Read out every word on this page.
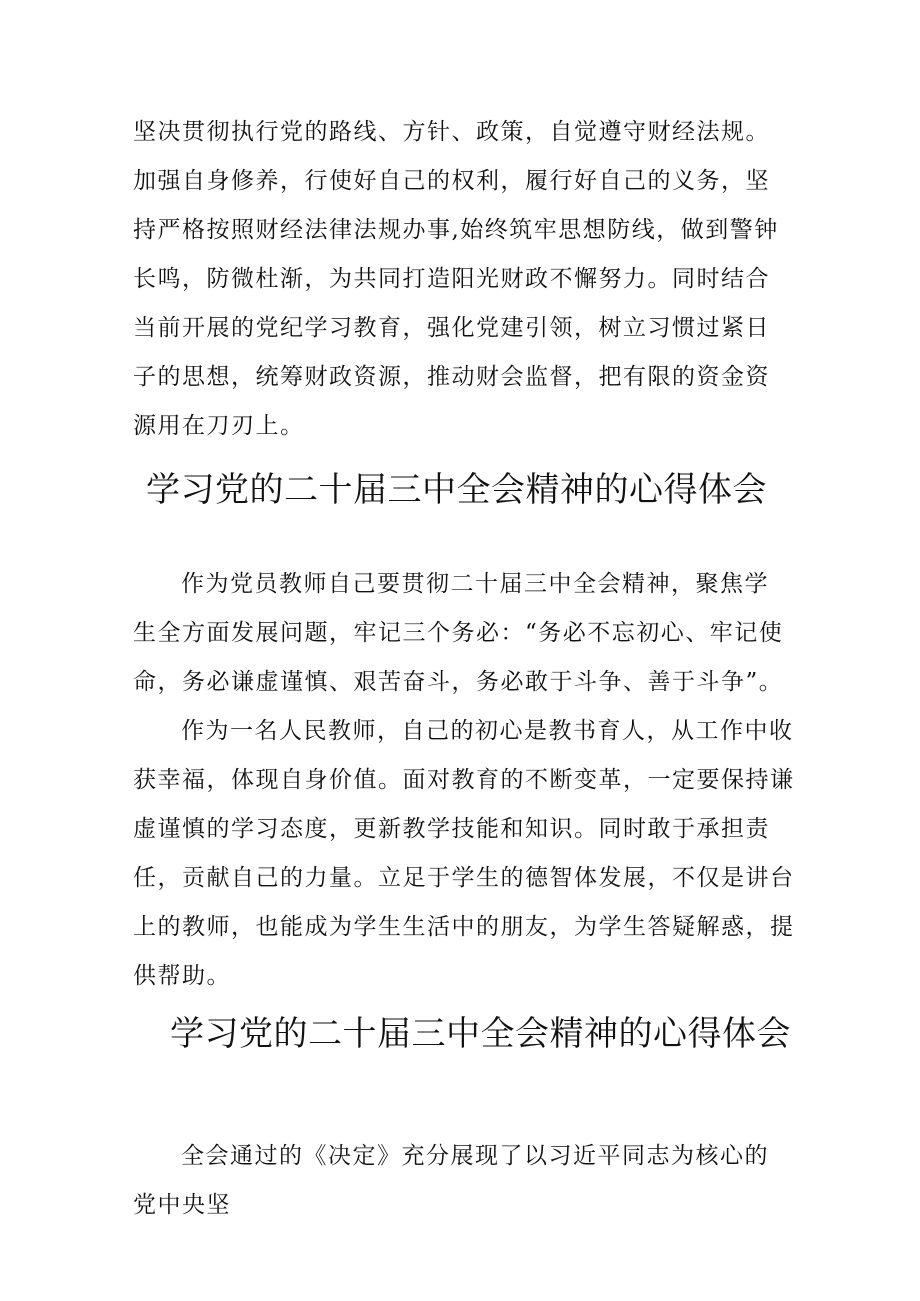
坚决贯彻执行党的路线、方针、政策，自觉遵守财经法规。加强自身修养，行使好自己的权利，履行好自己的义务，坚持严格按照财经法律法规办事,始终筑牢思想防线，做到警钟长鸣，防微杜渐，为共同打造阳光财政不懈努力。同时结合当前开展的党纪学习教育，强化党建引领，树立习惯过紧日子的思想，统筹财政资源，推动财会监督，把有限的资金资源用在刀刃上。

学习党的二十届三中全会精神的心得体会

作为党员教师自己要贯彻二十届三中全会精神，聚焦学生全方面发展问题，牢记三个务必：“务必不忘初心、牢记使命，务必谦虚谨慎、艰苦奋斗，务必敢于斗争、善于斗争”。

作为一名人民教师，自己的初心是教书育人，从工作中收获幸福，体现自身价值。面对教育的不断变革，一定要保持谦虚谨慎的学习态度，更新教学技能和知识。同时敢于承担责任，贡献自己的力量。立足于学生的德智体发展，不仅是讲台上的教师，也能成为学生生活中的朋友，为学生答疑解惑，提供帮助。

学习党的二十届三中全会精神的心得体会

全会通过的《决定》充分展现了以习近平同志为核心的党中央坚
